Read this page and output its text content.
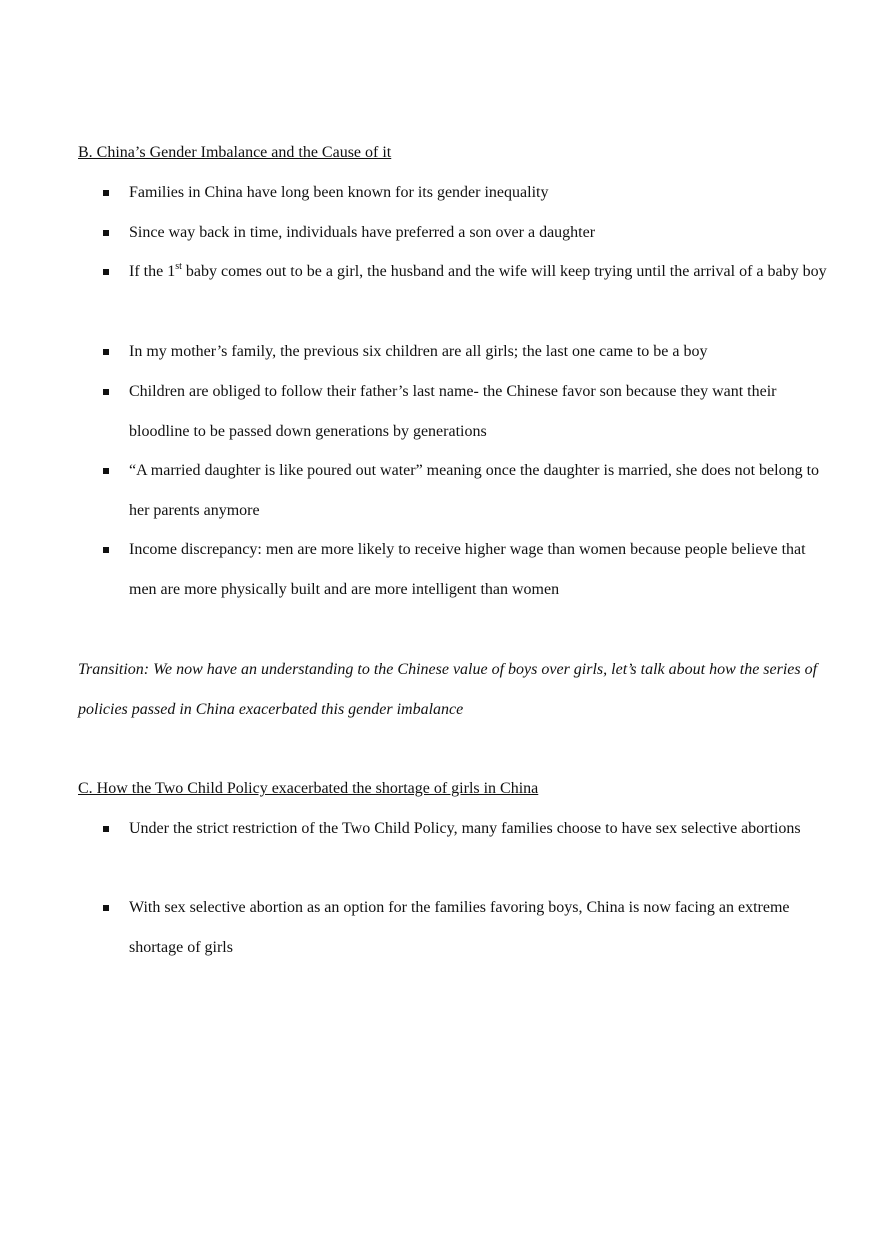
B. China’s Gender Imbalance and the Cause of it
Families in China have long been known for its gender inequality
Since way back in time, individuals have preferred a son over a daughter
If the 1st baby comes out to be a girl, the husband and the wife will keep trying until the arrival of a baby boy
In my mother’s family, the previous six children are all girls; the last one came to be a boy
Children are obliged to follow their father’s last name- the Chinese favor son because they want their bloodline to be passed down generations by generations
“A married daughter is like poured out water” meaning once the daughter is married, she does not belong to her parents anymore
Income discrepancy: men are more likely to receive higher wage than women because people believe that men are more physically built and are more intelligent than women

Transition: We now have an understanding to the Chinese value of boys over girls, let’s talk about how the series of policies passed in China exacerbated this gender imbalance

C. How the Two Child Policy exacerbated the shortage of girls in China
Under the strict restriction of the Two Child Policy, many families choose to have sex selective abortions
With sex selective abortion as an option for the families favoring boys, China is now facing an extreme shortage of girls
